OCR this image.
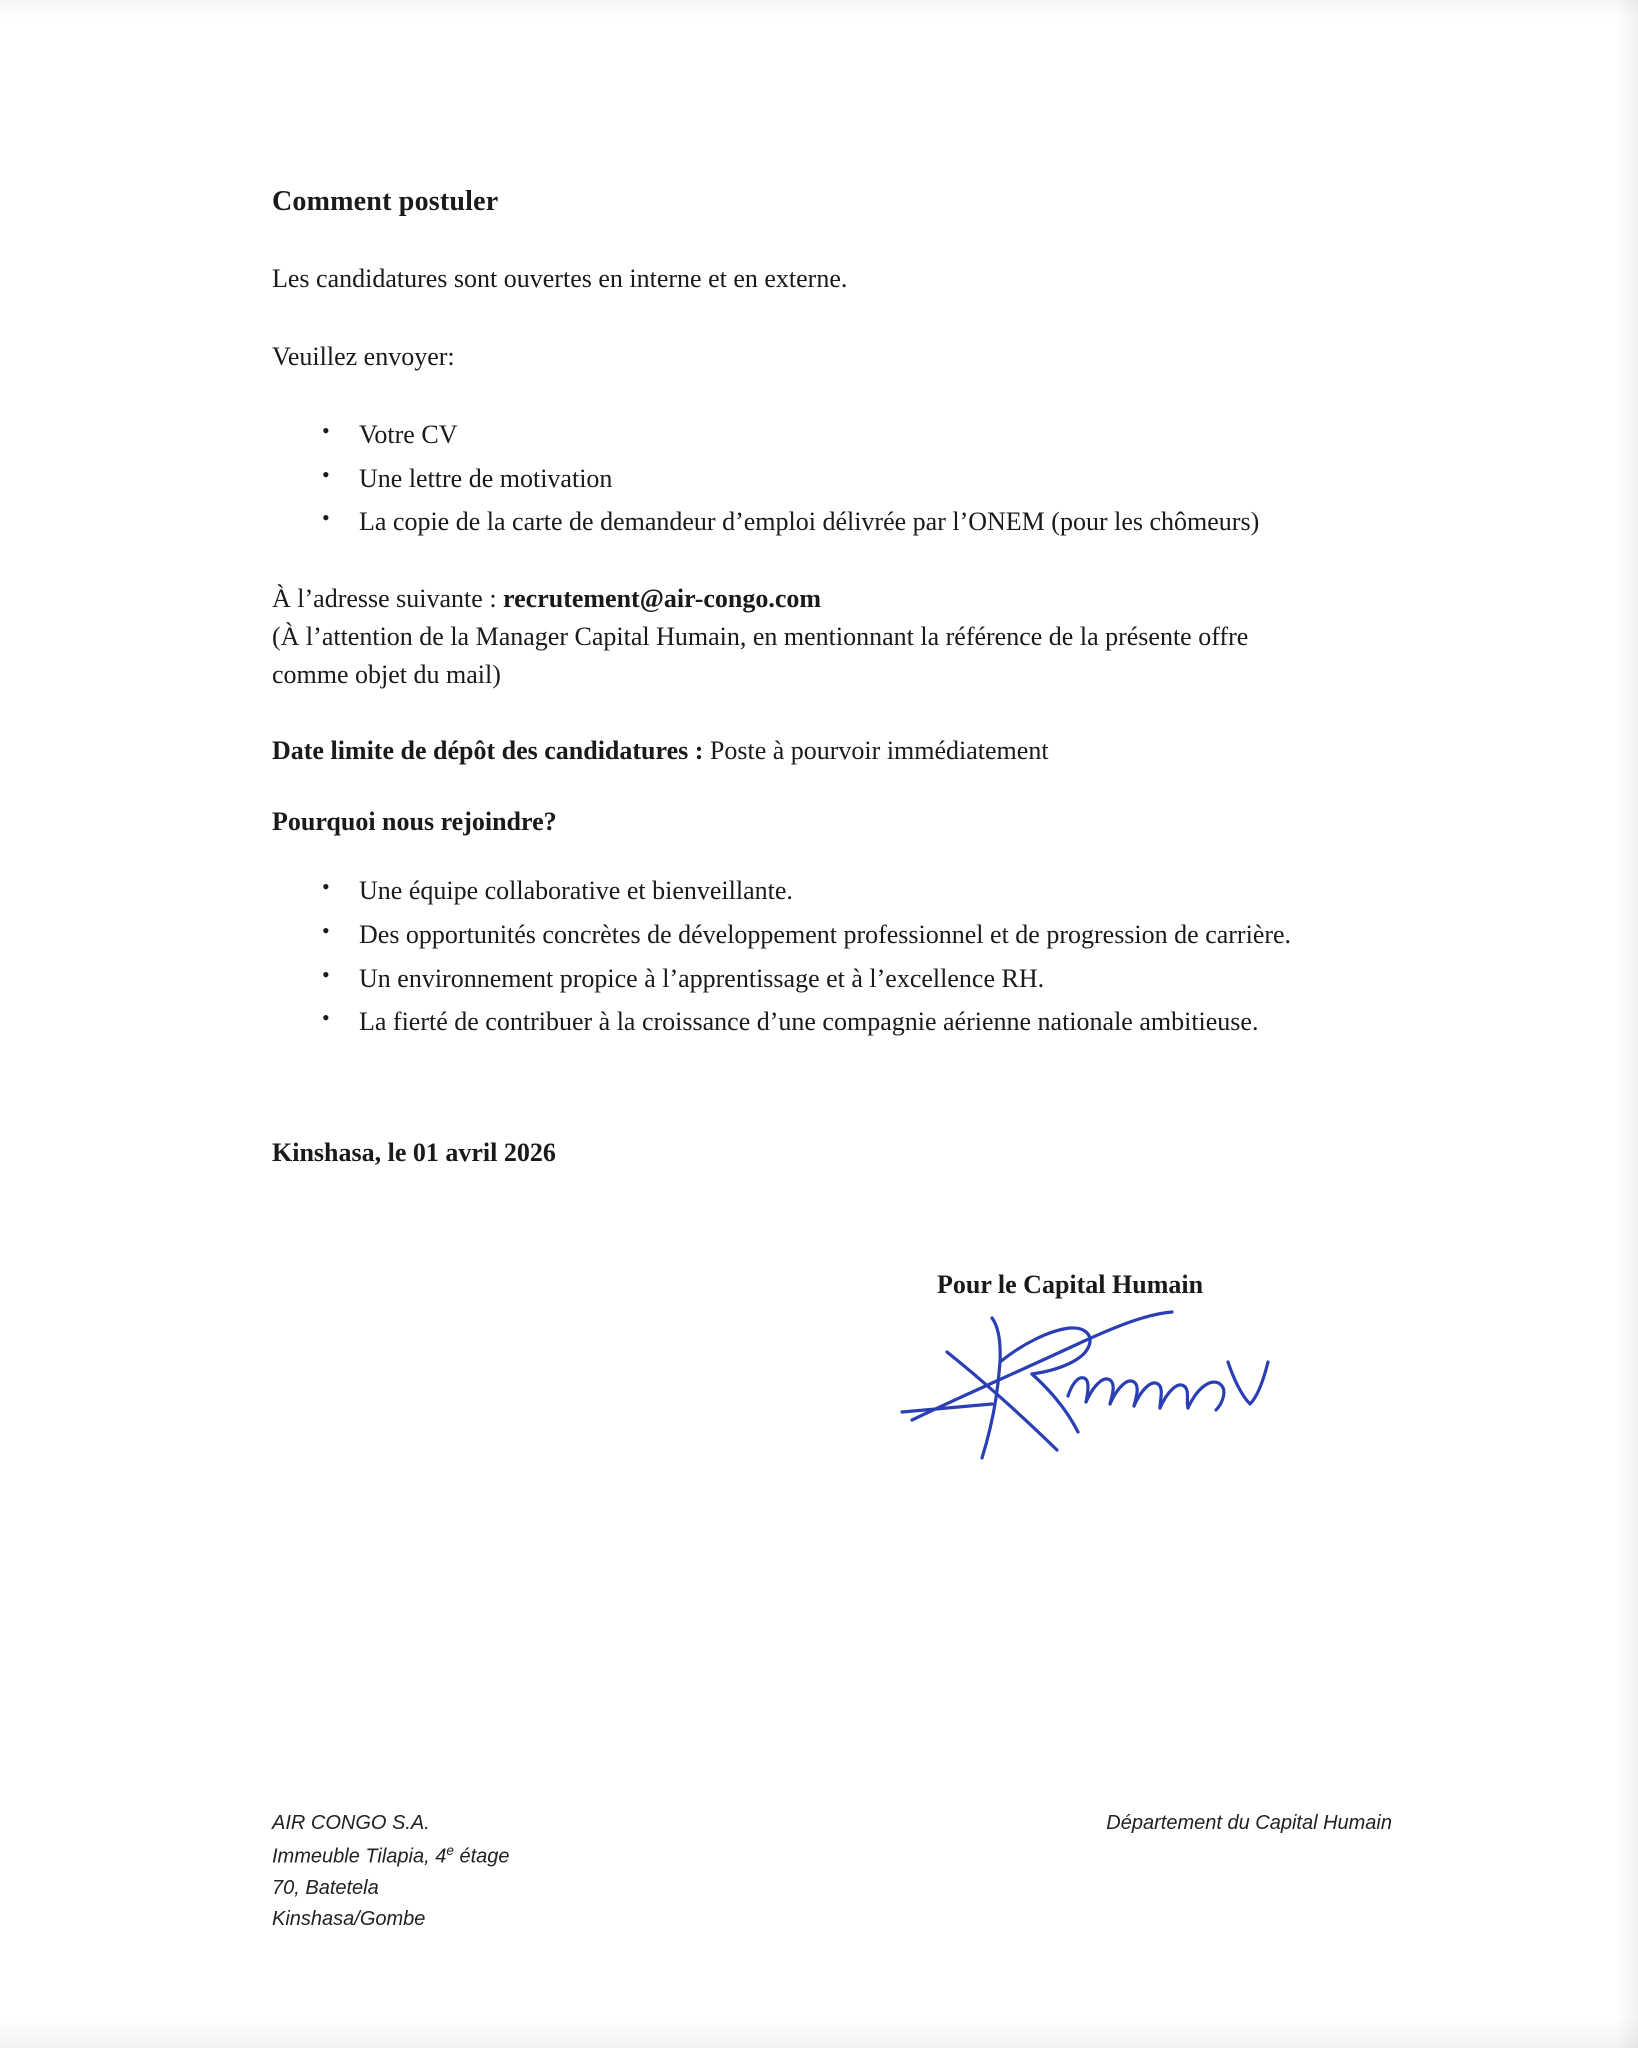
Comment postuler

Les candidatures sont ouvertes en interne et en externe.

Veuillez envoyer:

• Votre CV
• Une lettre de motivation
• La copie de la carte de demandeur d’emploi délivrée par l’ONEM (pour les chômeurs)
À l’adresse suivante : recrutement@air-congo.com
(À l’attention de la Manager Capital Humain, en mentionnant la référence de la présente offre
comme objet du mail)
Date limite de dépôt des candidatures : Poste à pourvoir immédiatement
Pourquoi nous rejoindre?
• Une équipe collaborative et bienveillante.
• Des opportunités concrètes de développement professionnel et de progression de carrière.
• Un environnement propice à l’apprentissage et à l’excellence RH.
• La fierté de contribuer à la croissance d’une compagnie aérienne nationale ambitieuse.
Kinshasa, le 01 avril 2026
Pour le Capital Humain
AIR CONGO S.A.
Immeuble Tilapia, 4e étage
70, Batetela
Kinshasa/Gombe
Département du Capital Humain
